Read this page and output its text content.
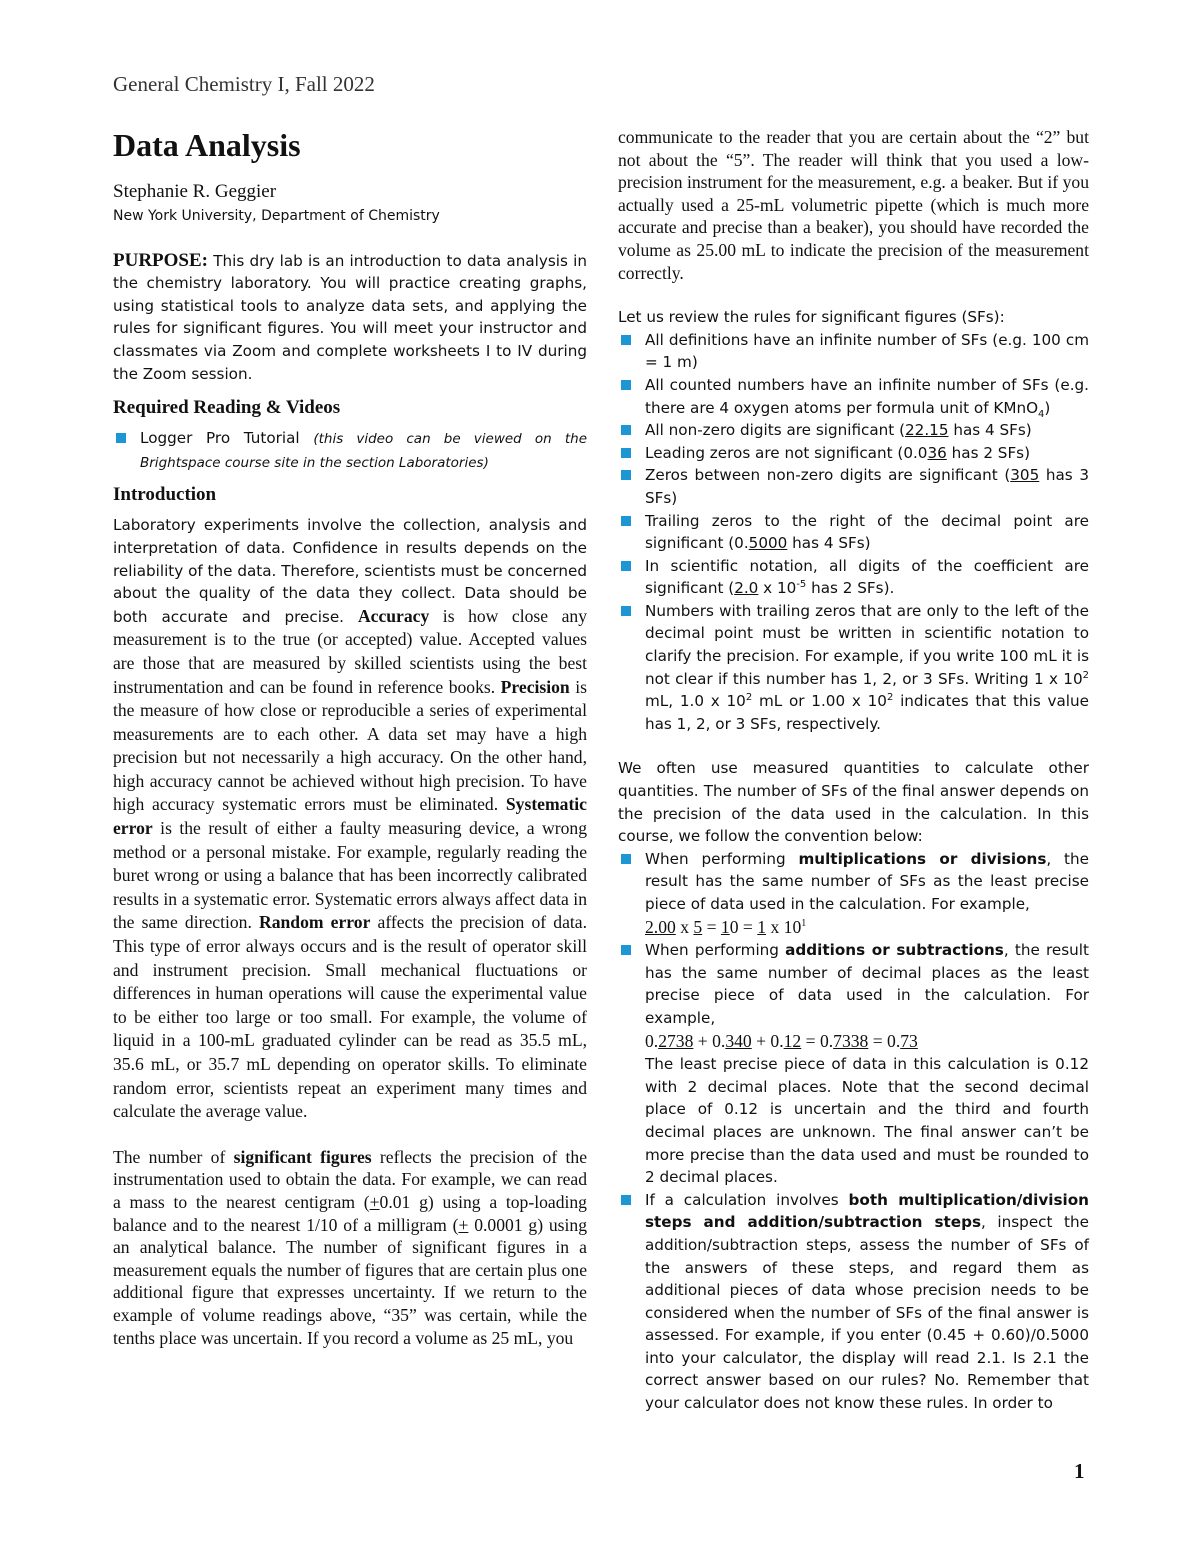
General Chemistry I, Fall 2022
Data Analysis
Stephanie R. Geggier
New York University, Department of Chemistry

PURPOSE: This dry lab is an introduction to data analysis in the chemistry laboratory. You will practice creating graphs, using statistical tools to analyze data sets, and applying the rules for significant figures. You will meet your instructor and classmates via Zoom and complete worksheets I to IV during the Zoom session.

Required Reading & Videos
Logger Pro Tutorial (this video can be viewed on the Brightspace course site in the section Laboratories)
Introduction

Laboratory experiments involve the collection, analysis and interpretation of data. Confidence in results depends on the reliability of the data. Therefore, scientists must be concerned about the quality of the data they collect. Data should be both accurate and precise. Accuracy is how close any measurement is to the true (or accepted) value. Accepted values are those that are measured by skilled scientists using the best instrumentation and can be found in reference books. Precision is the measure of how close or reproducible a series of experimental measurements are to each other. A data set may have a high precision but not necessarily a high accuracy. On the other hand, high accuracy cannot be achieved without high precision. To have high accuracy systematic errors must be eliminated. Systematic error is the result of either a faulty measuring device, a wrong method or a personal mistake. For example, regularly reading the buret wrong or using a balance that has been incorrectly calibrated results in a systematic error. Systematic errors always affect data in the same direction. Random error affects the precision of data. This type of error always occurs and is the result of operator skill and instrument precision. Small mechanical fluctuations or differences in human operations will cause the experimental value to be either too large or too small. For example, the volume of liquid in a 100-mL graduated cylinder can be read as 35.5 mL, 35.6 mL, or 35.7 mL depending on operator skills. To eliminate random error, scientists repeat an experiment many times and calculate the average value.

The number of significant figures reflects the precision of the instrumentation used to obtain the data. For example, we can read a mass to the nearest centigram (+0.01 g) using a top-loading balance and to the nearest 1/10 of a milligram (+ 0.0001 g) using an analytical balance. The number of significant figures in a measurement equals the number of figures that are certain plus one additional figure that expresses uncertainty. If we return to the example of volume readings above, “35” was certain, while the tenths place was uncertain. If you record a volume as 25 mL, you

communicate to the reader that you are certain about the “2” but not about the “5”. The reader will think that you used a low-precision instrument for the measurement, e.g. a beaker. But if you actually used a 25-mL volumetric pipette (which is much more accurate and precise than a beaker), you should have recorded the volume as 25.00 mL to indicate the precision of the measurement correctly.

Let us review the rules for significant figures (SFs):

All definitions have an infinite number of SFs (e.g. 100 cm = 1 m)
All counted numbers have an infinite number of SFs (e.g. there are 4 oxygen atoms per formula unit of KMnO$_4$)
All non-zero digits are significant (22.15 has 4 SFs)
Leading zeros are not significant (0.036 has 2 SFs)
Zeros between non-zero digits are significant (305 has 3 SFs)
Trailing zeros to the right of the decimal point are significant (0.5000 has 4 SFs)
In scientific notation, all digits of the coefficient are significant (2.0 x $10^{-5}$ has 2 SFs).
Numbers with trailing zeros that are only to the left of the decimal point must be written in scientific notation to clarify the precision. For example, if you write 100 mL it is not clear if this number has 1, 2, or 3 SFs. Writing 1 x $10^2$ mL, 1.0 x $10^2$ mL or 1.00 x $10^2$ indicates that this value has 1, 2, or 3 SFs, respectively.

We often use measured quantities to calculate other quantities. The number of SFs of the final answer depends on the precision of the data used in the calculation. In this course, we follow the convention below:

When performing multiplications or divisions, the result has the same number of SFs as the least precise piece of data used in the calculation. For example,
2.00 x 5 = 10 = 1 x $10^1$
When performing additions or subtractions, the result has the same number of decimal places as the least precise piece of data used in the calculation. For example,
0.2738 + 0.340 + 0.12 = 0.7338 = 0.73
The least precise piece of data in this calculation is 0.12 with 2 decimal places. Note that the second decimal place of 0.12 is uncertain and the third and fourth decimal places are unknown. The final answer can’t be more precise than the data used and must be rounded to 2 decimal places.
If a calculation involves both multiplication/division steps and addition/subtraction steps, inspect the addition/subtraction steps, assess the number of SFs of the answers of these steps, and regard them as additional pieces of data whose precision needs to be considered when the number of SFs of the final answer is assessed. For example, if you enter (0.45 + 0.60)/0.5000 into your calculator, the display will read 2.1. Is 2.1 the correct answer based on our rules? No. Remember that your calculator does not know these rules. In order to
1
